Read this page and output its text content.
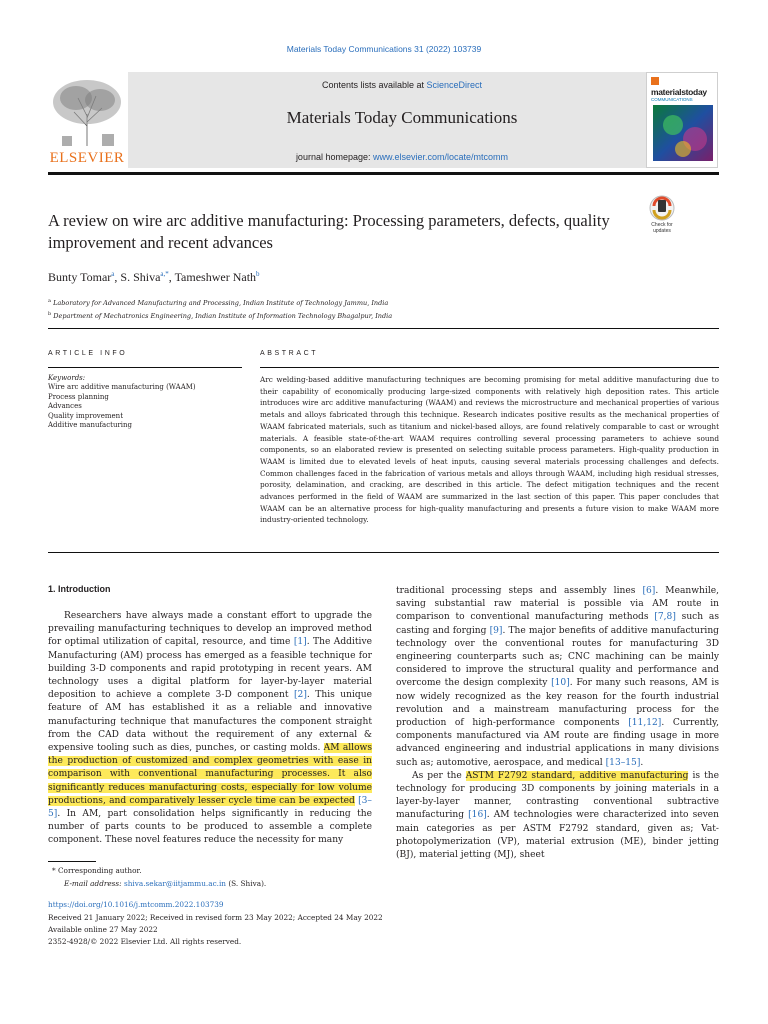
Materials Today Communications 31 (2022) 103739
ELSEVIER
Contents lists available at ScienceDirect
Materials Today Communications
journal homepage: www.elsevier.com/locate/mtcomm
materialstoday
COMMUNICATIONS
A review on wire arc additive manufacturing: Processing parameters, defects, quality improvement and recent advances
Check for updates
Bunty Tomar$^a$, S. Shiva$^{a,*}$, Tameshwer Nath$^b$
$^a$ Laboratory for Advanced Manufacturing and Processing, Indian Institute of Technology Jammu, India
$^b$ Department of Mechatronics Engineering, Indian Institute of Information Technology Bhagalpur, India
ARTICLE INFO	ABSTRACT
Keywords:
Wire arc additive manufacturing (WAAM)
Process planning
Advances
Quality improvement
Additive manufacturing
Arc welding-based additive manufacturing techniques are becoming promising for metal additive manufacturing due to their capability of economically producing large-sized components with relatively high deposition rates. This article introduces wire arc additive manufacturing (WAAM) and reviews the microstructure and mechanical properties of various metals and alloys fabricated through this technique. Research indicates positive results as the mechanical properties of WAAM fabricated materials, such as titanium and nickel-based alloys, are found relatively comparable to cast or wrought materials. A feasible state-of-the-art WAAM requires controlling several processing parameters to achieve sound components, so an elaborated review is presented on selecting suitable process parameters. High-quality production in WAAM is limited due to elevated levels of heat inputs, causing several materials processing challenges and defects. Common challenges faced in the fabrication of various metals and alloys through WAAM, including high residual stresses, porosity, delamination, and cracking, are described in this article. The defect mitigation techniques and the recent advances performed in the field of WAAM are summarized in the last section of this paper. This paper concludes that WAAM can be an alternative process for high-quality manufacturing and presents a future vision to make WAAM more industry-oriented technology.
1. Introduction

Researchers have always made a constant effort to upgrade the prevailing manufacturing techniques to develop an improved method for optimal utilization of capital, resource, and time [1]. The Additive Manufacturing (AM) process has emerged as a feasible technique for building 3-D components and rapid prototyping in recent years. AM technology uses a digital platform for layer-by-layer material deposition to achieve a complete 3-D component [2]. This unique feature of AM has established it as a reliable and innovative manufacturing technique that manufactures the component straight from the CAD data without the requirement of any external & expensive tooling such as dies, punches, or casting molds. AM allows the production of customized and complex geometries with ease in comparison with conventional manufacturing processes. It also significantly reduces manufacturing costs, especially for low volume productions, and comparatively lesser cycle time can be expected [3–5]. In AM, part consolidation helps significantly in reducing the number of parts counts to be produced to assemble a complete component. These novel features reduce the necessity for many

traditional processing steps and assembly lines [6]. Meanwhile, saving substantial raw material is possible via AM route in comparison to conventional manufacturing methods [7,8] such as casting and forging [9]. The major benefits of additive manufacturing technology over the conventional routes for manufacturing 3D engineering counterparts such as; CNC machining can be mainly considered to improve the structural quality and performance and overcome the design complexity [10]. For many such reasons, AM is now widely recognized as the key reason for the fourth industrial revolution and a mainstream manufacturing process for the production of high-performance components [11,12]. Currently, components manufactured via AM route are finding usage in more advanced engineering and industrial applications in many divisions such as; automotive, aerospace, and medical [13–15].

As per the ASTM F2792 standard, additive manufacturing is the technology for producing 3D components by joining materials in a layer-by-layer manner, contrasting conventional subtractive manufacturing [16]. AM technologies were characterized into seven main categories as per ASTM F2792 standard, given as; Vat-photopolymerization (VP), material extrusion (ME), binder jetting (BJ), material jetting (MJ), sheet

* Corresponding author.
E-mail address: shiva.sekar@iitjammu.ac.in (S. Shiva).
https://doi.org/10.1016/j.mtcomm.2022.103739
Received 21 January 2022; Received in revised form 23 May 2022; Accepted 24 May 2022
Available online 27 May 2022
2352-4928/© 2022 Elsevier Ltd. All rights reserved.
